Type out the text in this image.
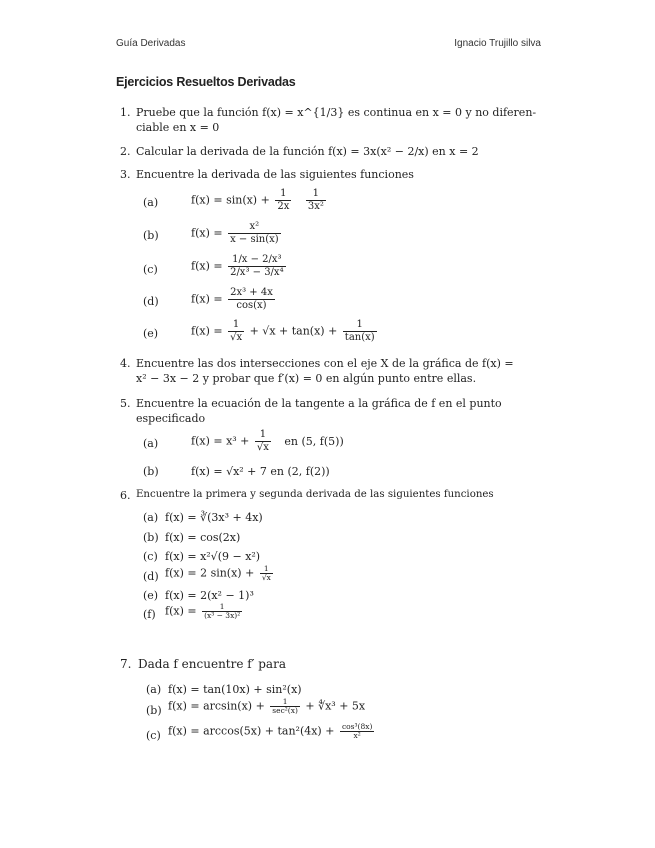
Guía Derivadas	Ignacio Trujillo silva
Ejercicios Resueltos Derivadas
1. Pruebe que la función f(x) = x^{1/3} es continua en x = 0 y no diferen-
ciable en x = 0
2. Calcular la derivada de la función f(x) = 3x(x² − 2/x) en x = 2
3. Encuentre la derivada de las siguientes funciones
(a)	$f(x) = \sin(x) + \frac{1}{2x}$
$\frac{1}{\text{3x²}}$
(b)	$f(x) = \frac{\text{x²}}{x - \sin(x)}$
(c)	$f(x) = \frac{\text{1/x − 2/x³}}{\text{2/x³ − 3/x⁴}}$
(d)	$f(x) = \frac{\text{2x³ + 4x}}{\cos(x)}$
(e)	$f(x) = \frac{1}{√x} + √x + \tan(x) + \frac{1}{\tan(x)}$
4. Encuentre las dos intersecciones con el eje X de la gráfica de f(x) =
x² − 3x − 2 y probar que f′(x) = 0 en algún punto entre ellas.
5. Encuentre la ecuación de la tangente a la gráfica de f en el punto
especificado
(a)	$f(x) = x^3 + \frac{1}{√x}$ en (5, f(5))
(b)	f(x) = √x² + 7 en (2, f(2))
6. Encuentre la primera y segunda derivada de las siguientes funciones
(a) f(x) = ∛(3x³ + 4x)
(b) f(x) = cos(2x)
(c) f(x) = x²√(9 − x²)
(d) f(x) = 2 $\sin(x) + \frac{1}{√x}$
(e) f(x) = 2(x² − 1)³
(f) $f(x) = \frac{1}{\text{(x³ − 3x)²}}$
7. Dada f encuentre f′ para
(a) f(x) = tan(10x) + sin²(x)
(b) $f(x) = \arcsin(x) + \frac{1}{\text{sec²(x)}}$ + ∜x³ + 5x
(c) $f(x) = \arccos(5x) + \tan^2(4x) + \frac{\text{cos³(8x)}}{\text{x²}}$
